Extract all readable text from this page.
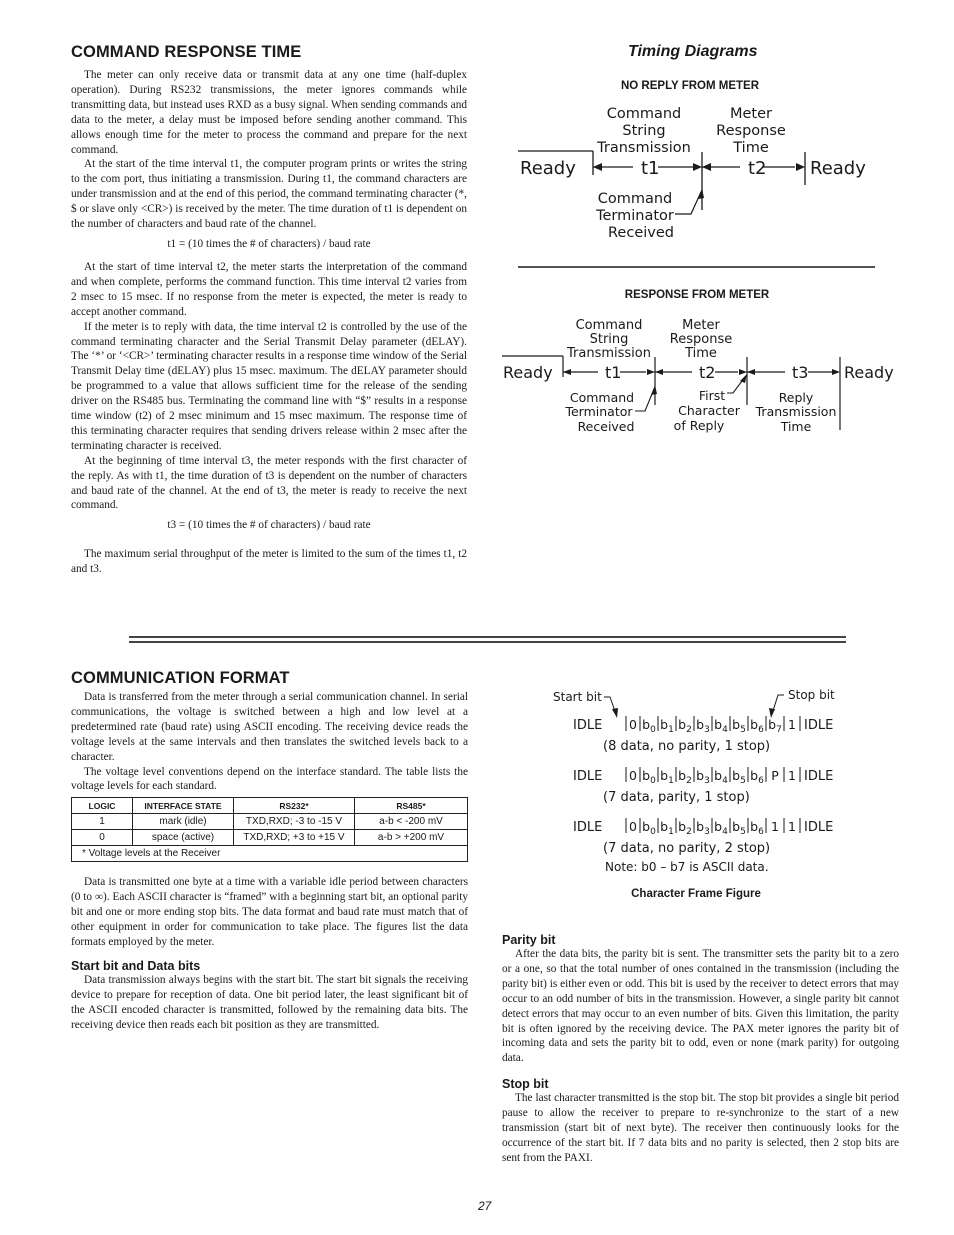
COMMAND RESPONSE TIME

The meter can only receive data or transmit data at any one time (half-duplex operation). During RS232 transmissions, the meter ignores commands while transmitting data, but instead uses RXD as a busy signal. When sending commands and data to the meter, a delay must be imposed before sending another command. This allows enough time for the meter to process the command and prepare for the next command.

At the start of the time interval t1, the computer program prints or writes the string to the com port, thus initiating a transmission. During t1, the command characters are under transmission and at the end of this period, the command terminating character (*, $ or slave only <CR>) is received by the meter. The time duration of t1 is dependent on the number of characters and baud rate of the channel.

t1 = (10 times the # of characters) / baud rate

At the start of time interval t2, the meter starts the interpretation of the command and when complete, performs the command function. This time interval t2 varies from 2 msec to 15 msec. If no response from the meter is expected, the meter is ready to accept another command.

If the meter is to reply with data, the time interval t2 is controlled by the use of the command terminating character and the Serial Transmit Delay parameter (dELAY). The ‘*’ or ‘<CR>’ terminating character results in a response time window of the Serial Transmit Delay time (dELAY) plus 15 msec. maximum. The dELAY parameter should be programmed to a value that allows sufficient time for the release of the sending driver on the RS485 bus. Terminating the command line with “$” results in a response time window (t2) of 2 msec minimum and 15 msec maximum. The response time of this terminating character requires that sending drivers release within 2 msec after the terminating character is received.

At the beginning of time interval t3, the meter responds with the first character of the reply. As with t1, the time duration of t3 is dependent on the number of characters and baud rate of the channel. At the end of t3, the meter is ready to receive the next command.

t3 = (10 times the # of characters) / baud rate

The maximum serial throughput of the meter is limited to the sum of the times t1, t2 and t3.

Timing Diagrams
NO REPLY FROM METER
Command
String
Transmission
Meter
Response
Time
Ready	Ready
t1	t2
Command
Terminator
Received
RESPONSE FROM METER
Command
String
Transmission
Meter
Response
Time
Ready	Ready
t1	t2	t3
Command
Terminator
Received
First
Character
of Reply
Reply
Transmission
Time
COMMUNICATION FORMAT

Data is transferred from the meter through a serial communication channel. In serial communications, the voltage is switched between a high and low level at a predetermined rate (baud rate) using ASCII encoding. The receiving device reads the voltage levels at the same intervals and then translates the switched levels back to a character.

The voltage level conventions depend on the interface standard. The table lists the voltage levels for each standard.

LOGIC	INTERFACE STATE	RS232*	RS485*
1	mark (idle)	TXD,RXD; -3 to -15 V	a-b < -200 mV
0	space (active)	TXD,RXD; +3 to +15 V	a-b > +200 mV
* Voltage levels at the Receiver			

Data is transmitted one byte at a time with a variable idle period between characters (0 to ∞). Each ASCII character is “framed” with a beginning start bit, an optional parity bit and one or more ending stop bits. The data format and baud rate must match that of other equipment in order for communication to take place. The figures list the data formats employed by the meter.

Start bit and Data bits

Data transmission always begins with the start bit. The start bit signals the receiving device to prepare for reception of data. One bit period later, the least significant bit of the ASCII encoded character is transmitted, followed by the remaining data bits. The receiving device then reads each bit position as they are transmitted.

Start bit	Stop bit
IDLE	IDLE
0 $b_0$ $b_1$ $b_2$ $b_3$ $b_4$ $b_5$ $b_6$ $b_7$ 1
(8 data, no parity, 1 stop)
IDLE	IDLE
0 $b_0$ $b_1$ $b_2$ $b_3$ $b_4$ $b_5$ $b_6$ P 1
(7 data, parity, 1 stop)
IDLE	IDLE
0 $b_0$ $b_1$ $b_2$ $b_3$ $b_4$ $b_5$ $b_6$ 1 1
(7 data, no parity, 2 stop)
Note: b0 – b7 is ASCII data.
Character Frame Figure
Parity bit

After the data bits, the parity bit is sent. The transmitter sets the parity bit to a zero or a one, so that the total number of ones contained in the transmission (including the parity bit) is either even or odd. This bit is used by the receiver to detect errors that may occur to an odd number of bits in the transmission. However, a single parity bit cannot detect errors that may occur to an even number of bits. Given this limitation, the parity bit is often ignored by the receiving device. The PAX meter ignores the parity bit of incoming data and sets the parity bit to odd, even or none (mark parity) for outgoing data.

Stop bit

The last character transmitted is the stop bit. The stop bit provides a single bit period pause to allow the receiver to prepare to re-synchronize to the start of a new transmission (start bit of next byte). The receiver then continuously looks for the occurrence of the start bit. If 7 data bits and no parity is selected, then 2 stop bits are sent from the PAXI.

27
